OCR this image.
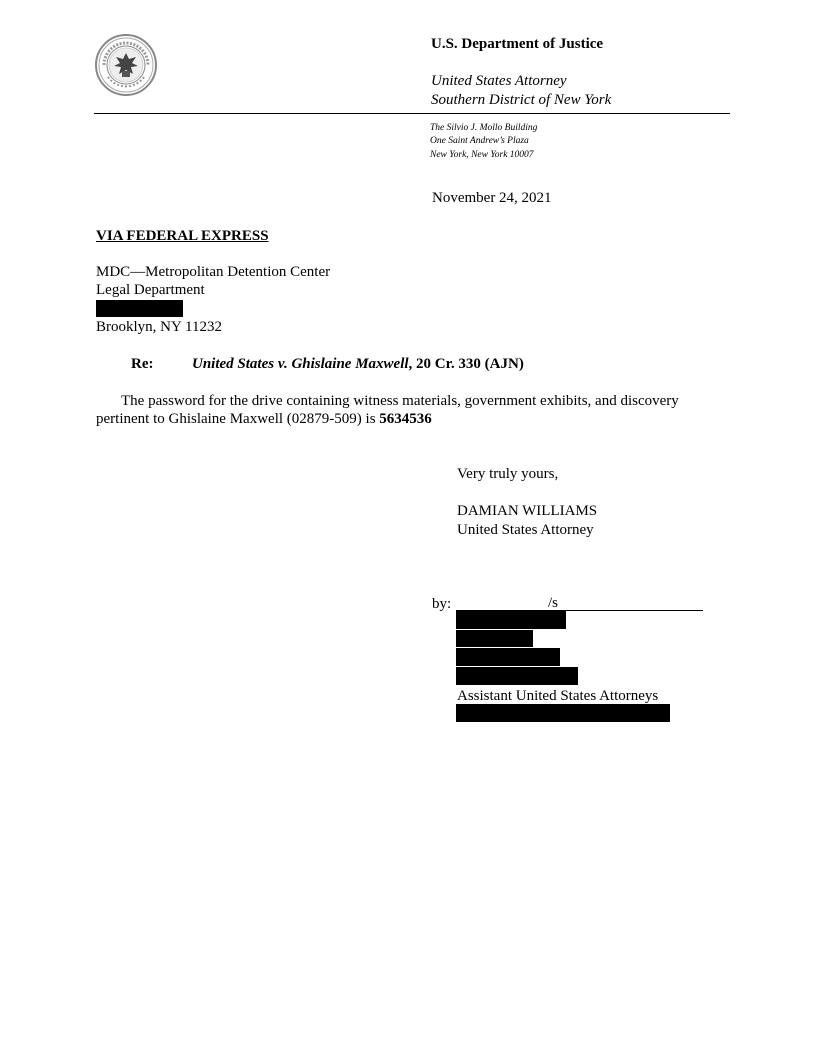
U.S. Department of Justice
United States Attorney
Southern District of New York
The Silvio J. Mollo Building
One Saint Andrew’s Plaza
New York, New York 10007
November 24, 2021
VIA FEDERAL EXPRESS
MDC—Metropolitan Detention Center
Legal Department
Brooklyn, NY 11232
Re:	United States v. Ghislaine Maxwell, 20 Cr. 330 (AJN)
The password for the drive containing witness materials, government exhibits, and discovery
pertinent to Ghislaine Maxwell (02879-509) is 5634536
Very truly yours,
DAMIAN WILLIAMS
United States Attorney
by:	/s
Assistant United States Attorneys
